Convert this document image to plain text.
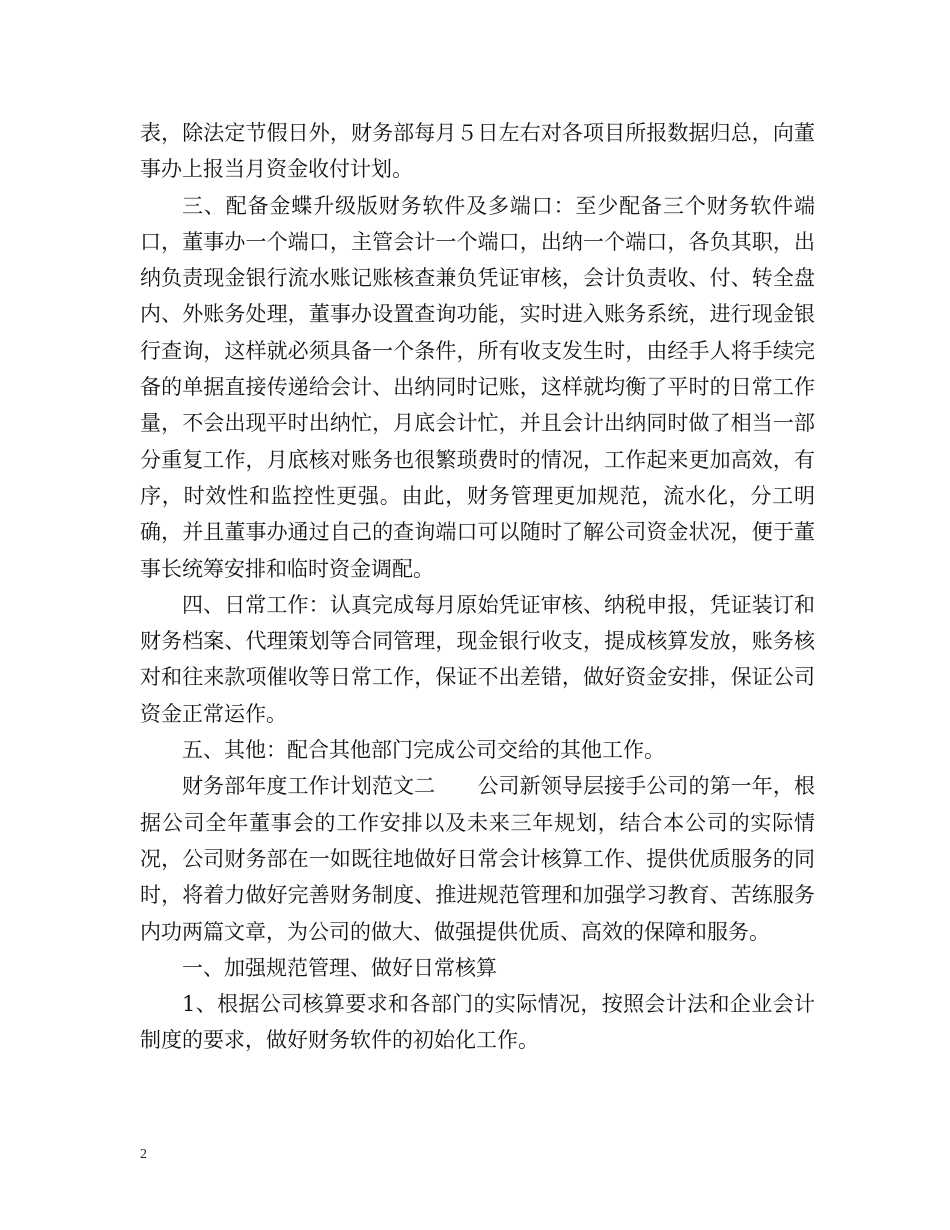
表，除法定节假日外，财务部每月５日左右对各项目所报数据归总，向董事办上报当月资金收付计划。

三、配备金蝶升级版财务软件及多端口：至少配备三个财务软件端口，董事办一个端口，主管会计一个端口，出纳一个端口，各负其职，出纳负责现金银行流水账记账核查兼负凭证审核，会计负责收、付、转全盘内、外账务处理，董事办设置查询功能，实时进入账务系统，进行现金银行查询，这样就必须具备一个条件，所有收支发生时，由经手人将手续完备的单据直接传递给会计、出纳同时记账，这样就均衡了平时的日常工作量，不会出现平时出纳忙，月底会计忙，并且会计出纳同时做了相当一部分重复工作，月底核对账务也很繁琐费时的情况，工作起来更加高效，有序，时效性和监控性更强。由此，财务管理更加规范，流水化，分工明确，并且董事办通过自己的查询端口可以随时了解公司资金状况，便于董事长统筹安排和临时资金调配。

四、日常工作：认真完成每月原始凭证审核、纳税申报，凭证装订和财务档案、代理策划等合同管理，现金银行收支，提成核算发放，账务核对和往来款项催收等日常工作，保证不出差错，做好资金安排，保证公司资金正常运作。

五、其他：配合其他部门完成公司交给的其他工作。

财务部年度工作计划范文二　　公司新领导层接手公司的第一年，根据公司全年董事会的工作安排以及未来三年规划，结合本公司的实际情况，公司财务部在一如既往地做好日常会计核算工作、提供优质服务的同时，将着力做好完善财务制度、推进规范管理和加强学习教育、苦练服务内功两篇文章，为公司的做大、做强提供优质、高效的保障和服务。

一、加强规范管理、做好日常核算

1、根据公司核算要求和各部门的实际情况，按照会计法和企业会计制度的要求，做好财务软件的初始化工作。

2
